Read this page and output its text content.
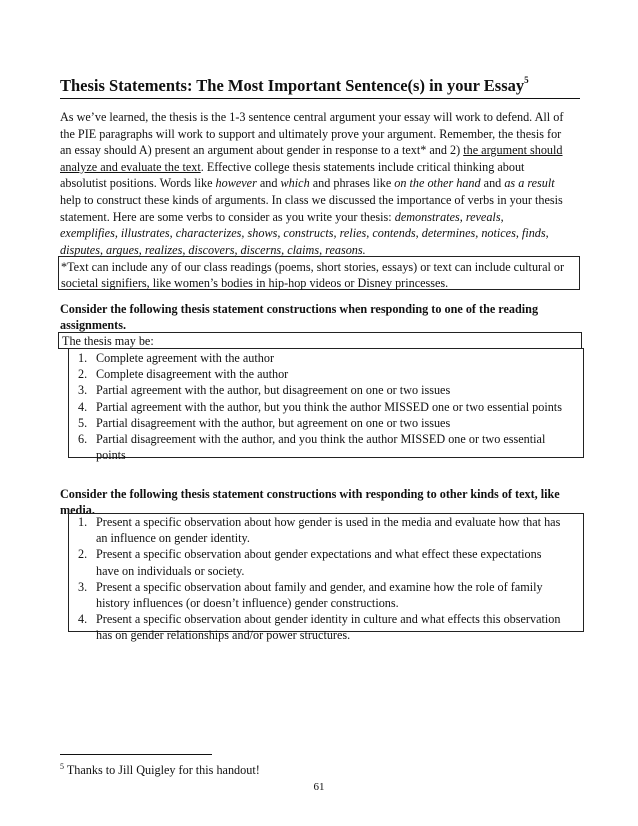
Thesis Statements: The Most Important Sentence(s) in your Essay$^5$
As we’ve learned, the thesis is the 1-3 sentence central argument your essay will work to defend. All of
the PIE paragraphs will work to support and ultimately prove your argument. Remember, the thesis for
an essay should A) present an argument about gender in response to a text* and 2) the argument should
analyze and evaluate the text. Effective college thesis statements include critical thinking about
absolutist positions. Words like however and which and phrases like on the other hand and as a result
help to construct these kinds of arguments. In class we discussed the importance of verbs in your thesis
statement. Here are some verbs to consider as you write your thesis: demonstrates, reveals,
exemplifies, illustrates, characterizes, shows, constructs, relies, contends, determines, notices, finds,
disputes, argues, realizes, discovers, discerns, claims, reasons.
*Text can include any of our class readings (poems, short stories, essays) or text can include cultural or
societal signifiers, like women’s bodies in hip-hop videos or Disney princesses.
Consider the following thesis statement constructions when responding to one of the reading
assignments.
The thesis may be:
1. Complete agreement with the author
2. Complete disagreement with the author
3. Partial agreement with the author, but disagreement on one or two issues
4. Partial agreement with the author, but you think the author MISSED one or two essential points
5. Partial disagreement with the author, but agreement on one or two issues
6. Partial disagreement with the author, and you think the author MISSED one or two essential
points
Consider the following thesis statement constructions with responding to other kinds of text, like
media.
1. Present a specific observation about how gender is used in the media and evaluate how that has
an influence on gender identity.
2. Present a specific observation about gender expectations and what effect these expectations
have on individuals or society.
3. Present a specific observation about family and gender, and examine how the role of family
history influences (or doesn’t influence) gender constructions.
4. Present a specific observation about gender identity in culture and what effects this observation
has on gender relationships and/or power structures.
$^5$ Thanks to Jill Quigley for this handout!
61
